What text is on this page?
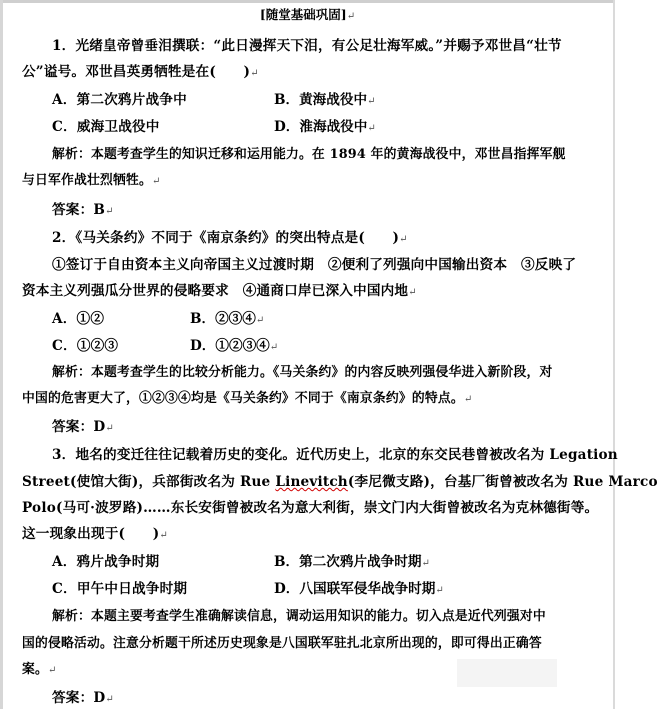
[随堂基础巩固]↵
1．光绪皇帝曾垂泪撰联：“此日漫挥天下泪，有公足壮海军威。”并赐予邓世昌“壮节
公”谥号。邓世昌英勇牺牲是在(　　)↵
A．第二次鸦片战争中	B．黄海战役中↵
C．威海卫战役中	D．淮海战役中↵
解析：本题考查学生的知识迁移和运用能力。在 1894 年的黄海战役中，邓世昌指挥军舰
与日军作战壮烈牺牲。↵
答案：B↵
2．《马关条约》不同于《南京条约》的突出特点是(　　)↵
①签订于自由资本主义向帝国主义过渡时期　②便利了列强向中国输出资本　③反映了
资本主义列强瓜分世界的侵略要求　④通商口岸已深入中国内地↵
A．①②	B．②③④↵
C．①②③	D．①②③④↵
解析：本题考查学生的比较分析能力。《马关条约》的内容反映列强侵华进入新阶段，对
中国的危害更大了，①②③④均是《马关条约》不同于《南京条约》的特点。↵
答案：D↵
3．地名的变迁往往记载着历史的变化。近代历史上，北京的东交民巷曾被改名为 Legation
Street(使馆大街)，兵部街改名为 Rue Linevitch(李尼微支路)，台基厂街曾被改名为 Rue Marco
Polo(马可·波罗路)……东长安街曾被改名为意大利街，崇文门内大街曾被改名为克林德街等。
这一现象出现于(　　)↵
A．鸦片战争时期	B．第二次鸦片战争时期↵
C．甲午中日战争时期	D．八国联军侵华战争时期↵
解析：本题主要考查学生准确解读信息，调动运用知识的能力。切入点是近代列强对中
国的侵略活动。注意分析题干所述历史现象是八国联军驻扎北京所出现的，即可得出正确答
案。↵
答案：D↵
